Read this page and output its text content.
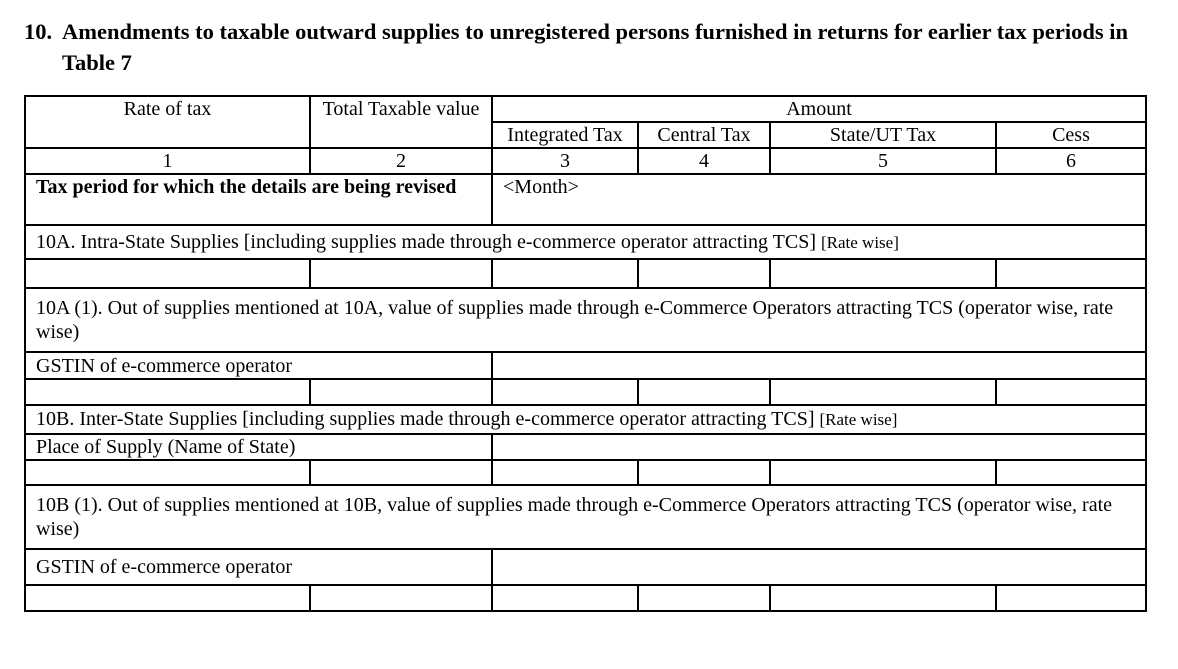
10. Amendments to taxable outward supplies to unregistered persons furnished in returns for earlier tax periods in Table 7
Rate of tax	Total Taxable value	Amount			
		Integrated Tax	Central Tax	State/UT Tax	Cess
1	2	3	4	5	6
Tax period for which the details are being revised		<Month>			
10A. Intra-State Supplies [including supplies made through e-commerce operator attracting TCS] [Rate wise]					

10A (1). Out of supplies mentioned at 10A, value of supplies made through e-Commerce Operators attracting TCS (operator wise, rate wise)					
GSTIN of e-commerce operator					

10B. Inter-State Supplies [including supplies made through e-commerce operator attracting TCS] [Rate wise]					
Place of Supply (Name of State)					

10B (1). Out of supplies mentioned at 10B, value of supplies made through e-Commerce Operators attracting TCS (operator wise, rate wise)					
GSTIN of e-commerce operator					
